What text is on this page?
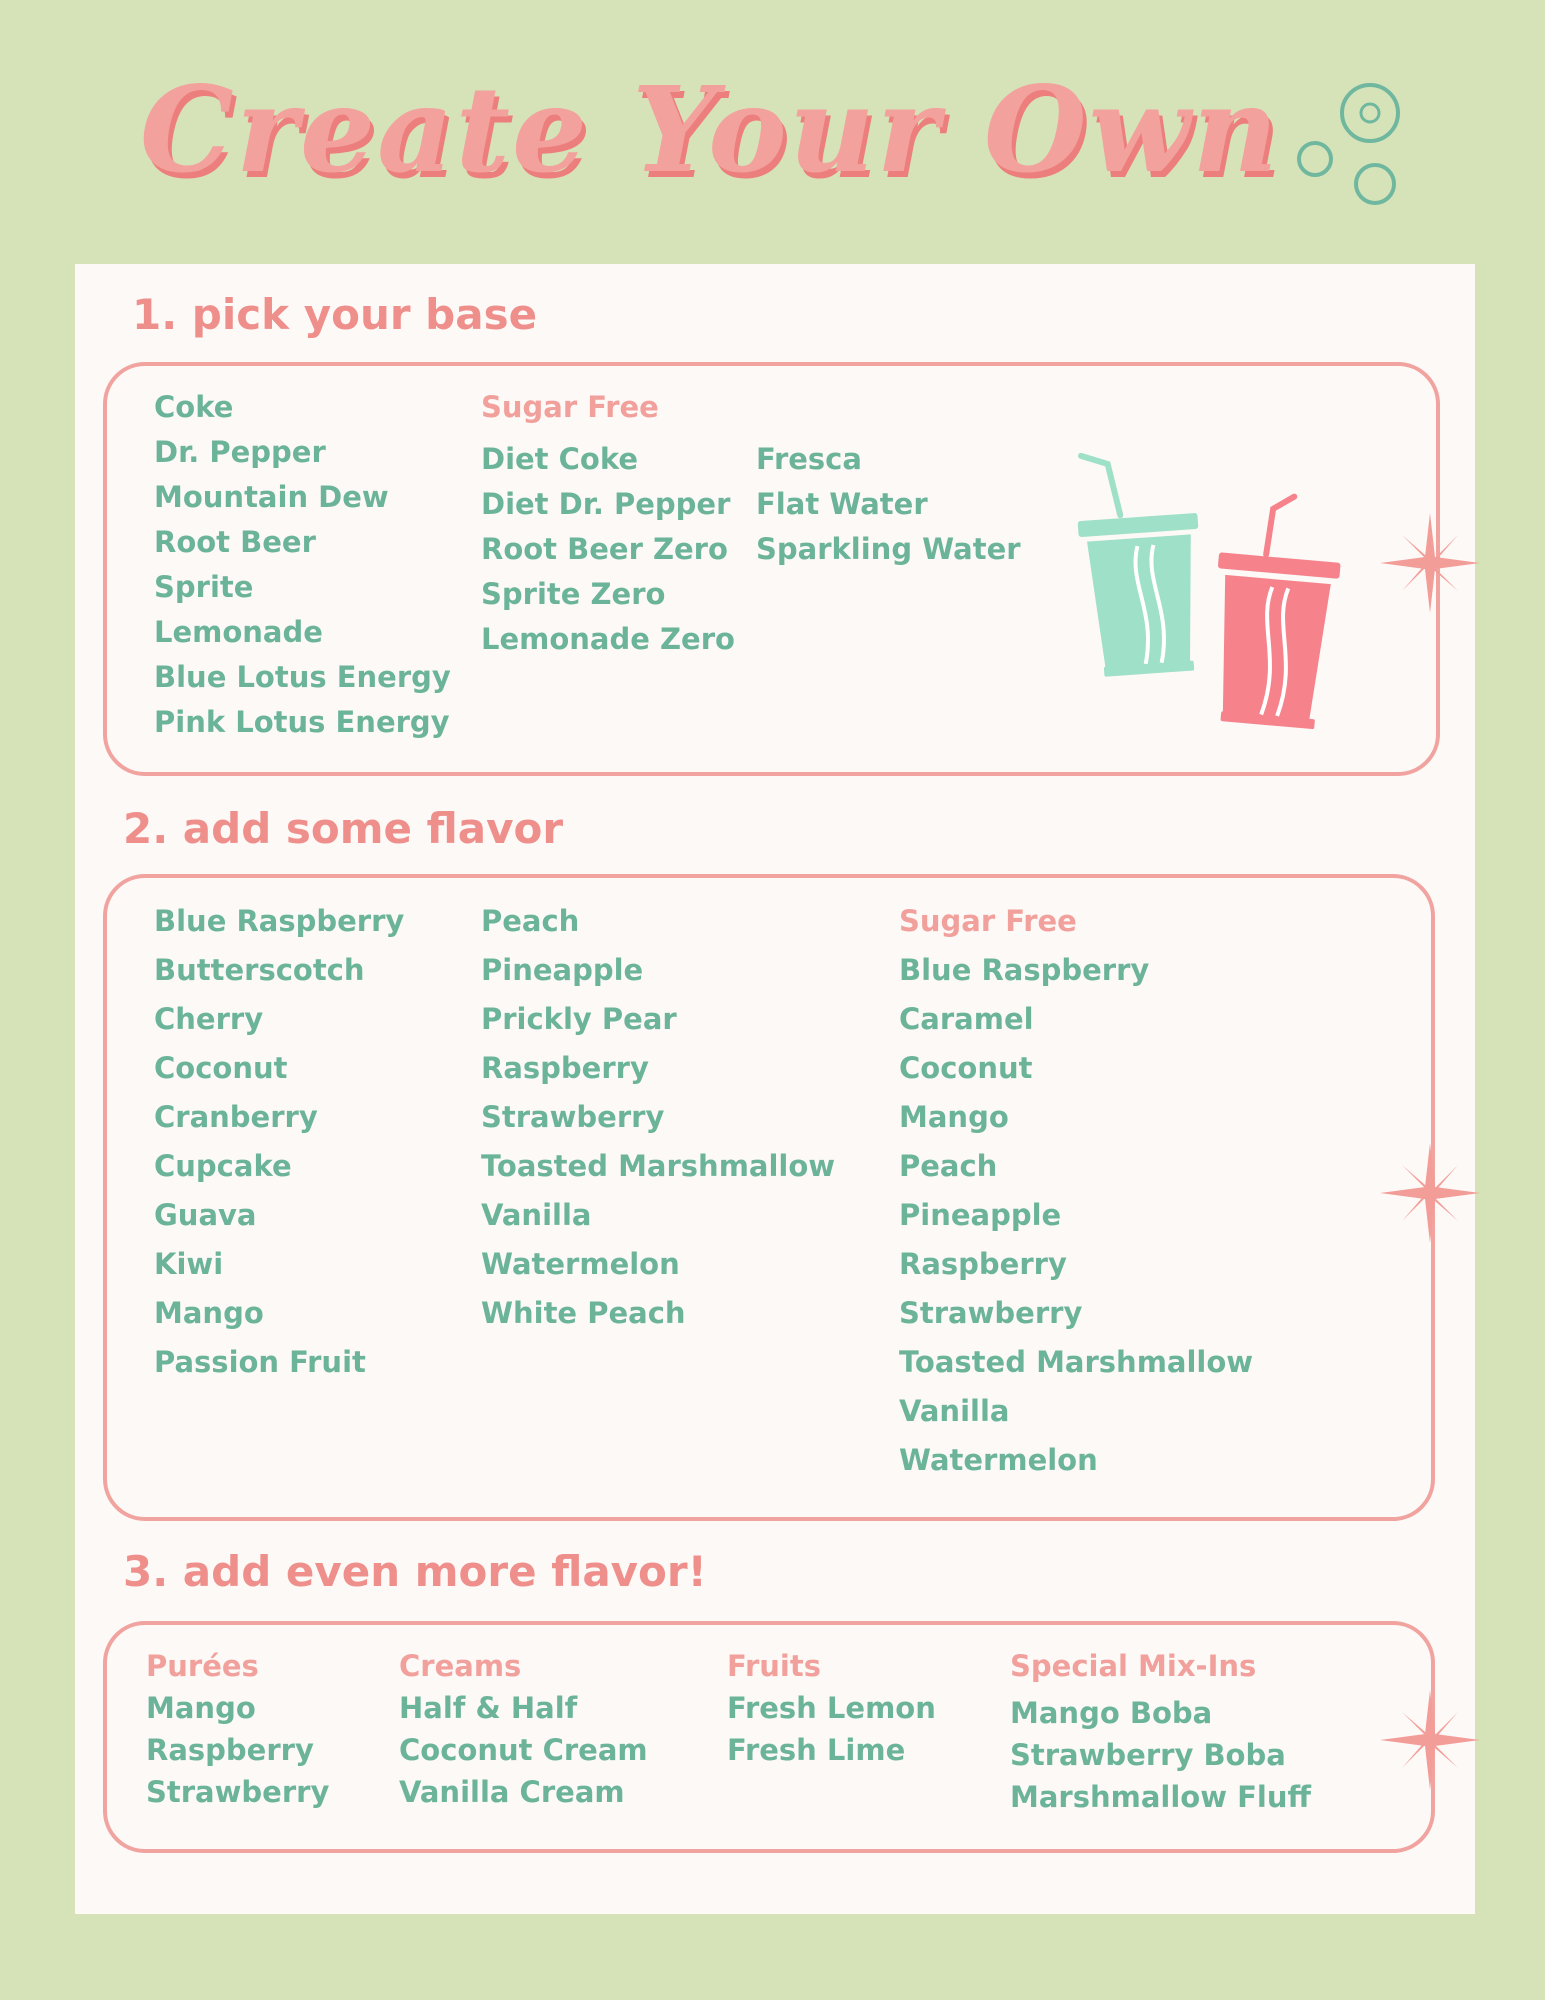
Create Your Own
1. pick your base
Coke
Dr. Pepper
Mountain Dew
Root Beer
Sprite
Lemonade
Blue Lotus Energy
Pink Lotus Energy
Sugar Free
Diet Coke
Diet Dr. Pepper
Root Beer Zero
Sprite Zero
Lemonade Zero
Fresca
Flat Water
Sparkling Water
2. add some flavor
Blue Raspberry
Butterscotch
Cherry
Coconut
Cranberry
Cupcake
Guava
Kiwi
Mango
Passion Fruit
Peach
Pineapple
Prickly Pear
Raspberry
Strawberry
Toasted Marshmallow
Vanilla
Watermelon
White Peach
Sugar Free
Blue Raspberry
Caramel
Coconut
Mango
Peach
Pineapple
Raspberry
Strawberry
Toasted Marshmallow
Vanilla
Watermelon
3. add even more flavor!
Purées
Mango
Raspberry
Strawberry
Creams
Half & Half
Coconut Cream
Vanilla Cream
Fruits
Fresh Lemon
Fresh Lime
Special Mix-Ins
Mango Boba
Strawberry Boba
Marshmallow Fluff
